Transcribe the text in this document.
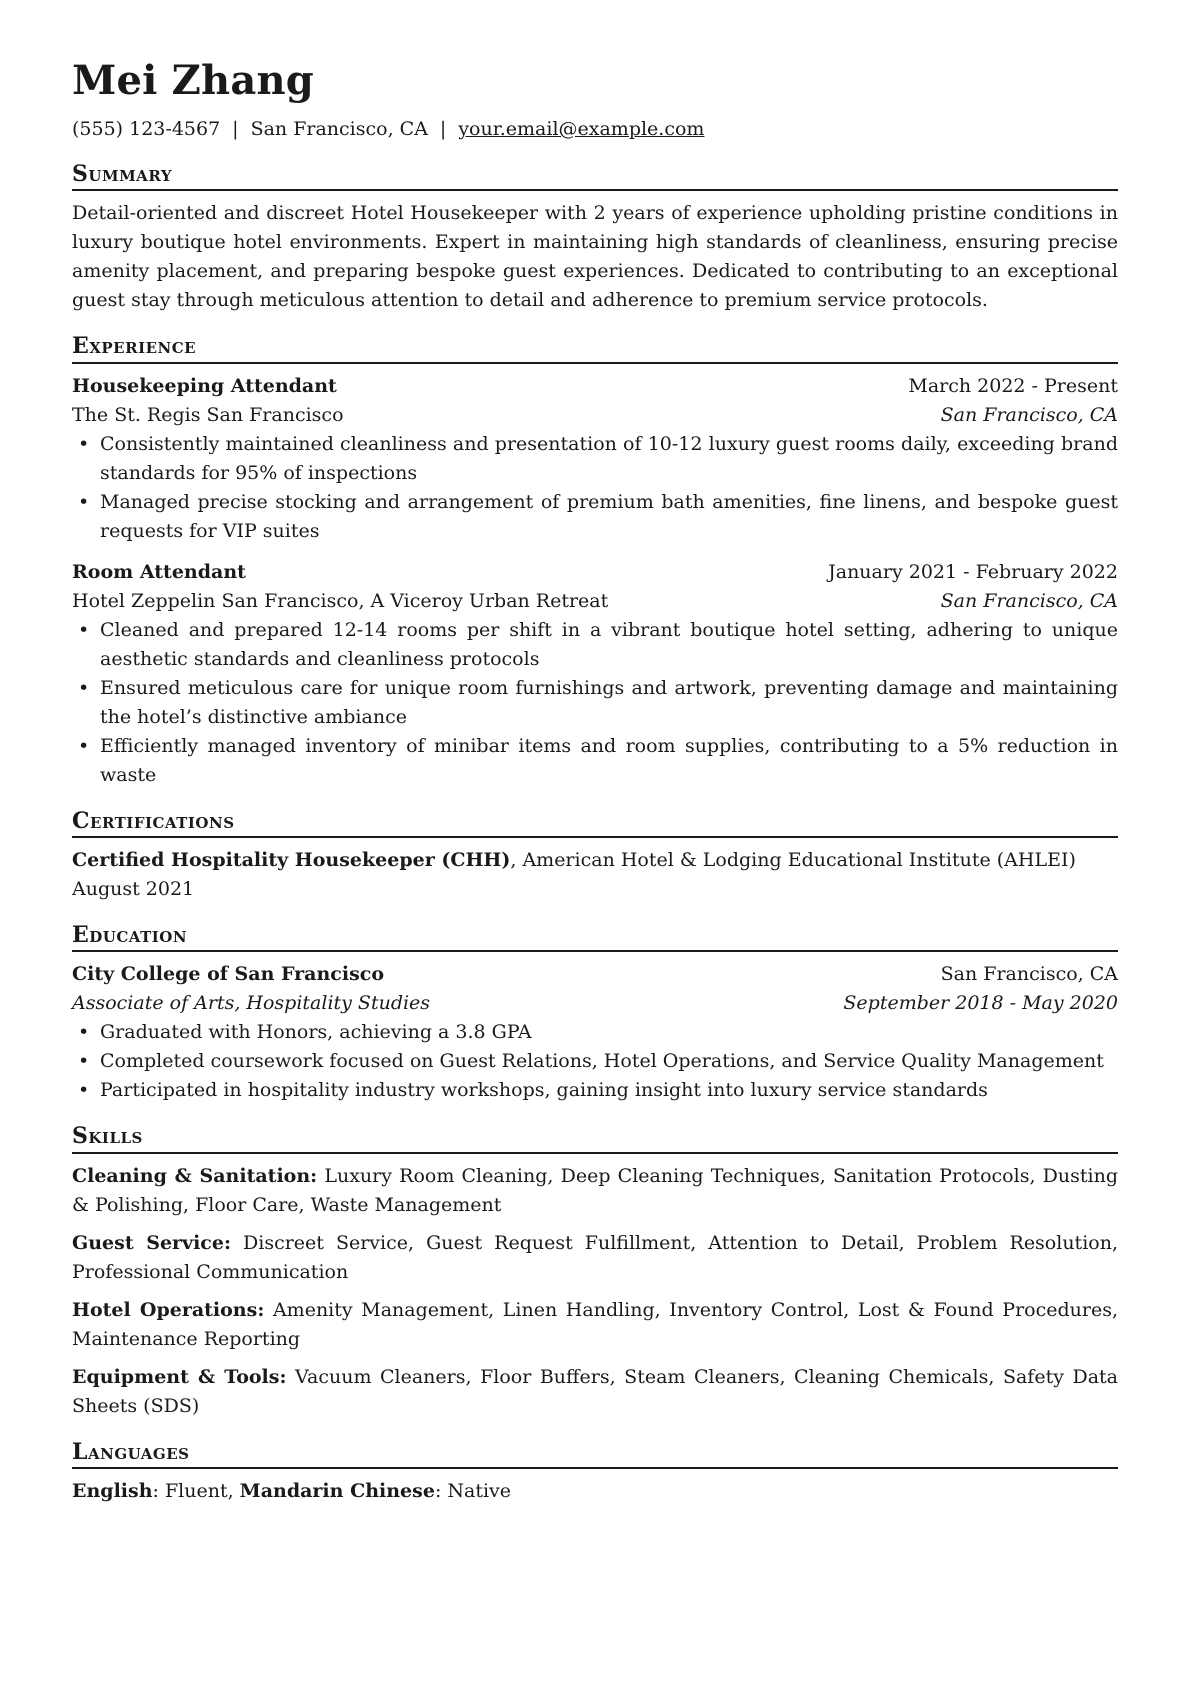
Mei Zhang
(555) 123-4567 | San Francisco, CA | your.email@example.com
Summary

Detail-oriented and discreet Hotel Housekeeper with 2 years of experience upholding pristine conditions in luxury boutique hotel environments. Expert in maintaining high standards of cleanliness, ensuring precise amenity placement, and preparing bespoke guest experiences. Dedicated to contributing to an exceptional guest stay through meticulous attention to detail and adherence to premium service protocols.

Experience
Housekeeping Attendant	March 2022 - Present
The St. Regis San Francisco	San Francisco, CA
• Consistently maintained cleanliness and presentation of 10-12 luxury guest rooms daily, exceeding brand standards for 95% of inspections
• Managed precise stocking and arrangement of premium bath amenities, fine linens, and bespoke guest requests for VIP suites
Room Attendant	January 2021 - February 2022
Hotel Zeppelin San Francisco, A Viceroy Urban Retreat	San Francisco, CA
• Cleaned and prepared 12-14 rooms per shift in a vibrant boutique hotel setting, adhering to unique aesthetic standards and cleanliness protocols
• Ensured meticulous care for unique room furnishings and artwork, preventing damage and maintaining the hotel’s distinctive ambiance
• Efficiently managed inventory of minibar items and room supplies, contributing to a 5% reduction in waste
Certifications
Certified Hospitality Housekeeper (CHH), American Hotel & Lodging Educational Institute (AHLEI)
August 2021
Education
City College of San Francisco	San Francisco, CA
Associate of Arts, Hospitality Studies	September 2018 - May 2020
• Graduated with Honors, achieving a 3.8 GPA
• Completed coursework focused on Guest Relations, Hotel Operations, and Service Quality Management
• Participated in hospitality industry workshops, gaining insight into luxury service standards
Skills
Cleaning & Sanitation: Luxury Room Cleaning, Deep Cleaning Techniques, Sanitation Protocols, Dusting & Polishing, Floor Care, Waste Management
Guest Service: Discreet Service, Guest Request Fulfillment, Attention to Detail, Problem Resolution, Professional Communication
Hotel Operations: Amenity Management, Linen Handling, Inventory Control, Lost & Found Procedures, Maintenance Reporting
Equipment & Tools: Vacuum Cleaners, Floor Buffers, Steam Cleaners, Cleaning Chemicals, Safety Data Sheets (SDS)
Languages
English: Fluent, Mandarin Chinese: Native
